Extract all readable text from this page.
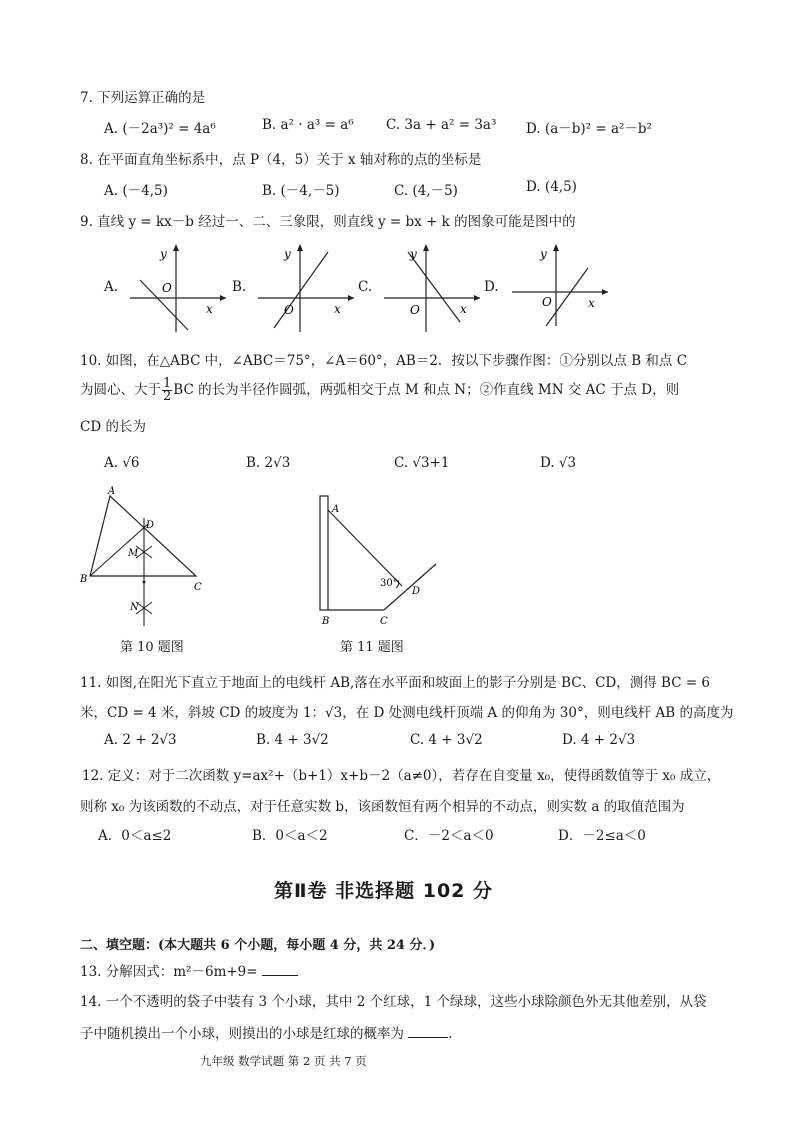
7. 下列运算正确的是
A. (－2a³)² = 4a⁶	B. a² · a³ = a⁶ C. 3a + a² = 3a³ D. (a－b)² = a²－b²
8. 在平面直角坐标系中，点 P（4，5）关于 x 轴对称的点的坐标是
A. (－4,5)	B. (－4,－5)	C. (4,－5)	D. (4,5)
9. 直线 y = kx－b 经过一、二、三象限，则直线 y = bx + k 的图象可能是图中的
A.	B.	C.	D.
y
O
x
y
O	x
y
O	x
y
O	x
10. 如图，在△ABC 中，∠ABC＝75°，∠A＝60°，AB＝2．按以下步骤作图：①分别以点 B 和点 C
为圆心、大于 $\frac{1}{2}$ BC 的长为半径作圆弧，两弧相交于点 M 和点 N；②作直线 MN 交 AC 于点 D，则
CD 的长为
A. √6	B. 2√3	C. √3+1	D. √3
A
D
M
B
C
N
第 10 题图
A
30°
D
B	C
第 11 题图
11. 如图,在阳光下直立于地面上的电线杆 AB,落在水平面和坡面上的影子分别是 BC、CD，测得 BC = 6
米，CD = 4 米，斜坡 CD 的坡度为 1：√3，在 D 处测电线杆顶端 A 的仰角为 30°，则电线杆 AB 的高度为
A. 2 + 2√3	B. 4 + 3√2	C. 4 + 3√2	D. 4 + 2√3
12. 定义：对于二次函数 y=ax²+（b+1）x+b－2（a≠0），若存在自变量 x₀，使得函数值等于 x₀ 成立，
则称 x₀ 为该函数的不动点，对于任意实数 b，该函数恒有两个相异的不动点，则实数 a 的取值范围为
A．0＜a≤2	B．0＜a＜2	C．－2＜a＜0	D．－2≤a＜0
第Ⅱ卷 非选择题 102 分
二、填空题：(本大题共 6 个小题，每小题 4 分，共 24 分．)
13. 分解因式：m²－6m+9=
14. 一个不透明的袋子中装有 3 个小球，其中 2 个红球，1 个绿球，这些小球除颜色外无其他差别，从袋
子中随机摸出一个小球，则摸出的小球是红球的概率为	．
九年级 数学试题 第 2 页 共 7 页
